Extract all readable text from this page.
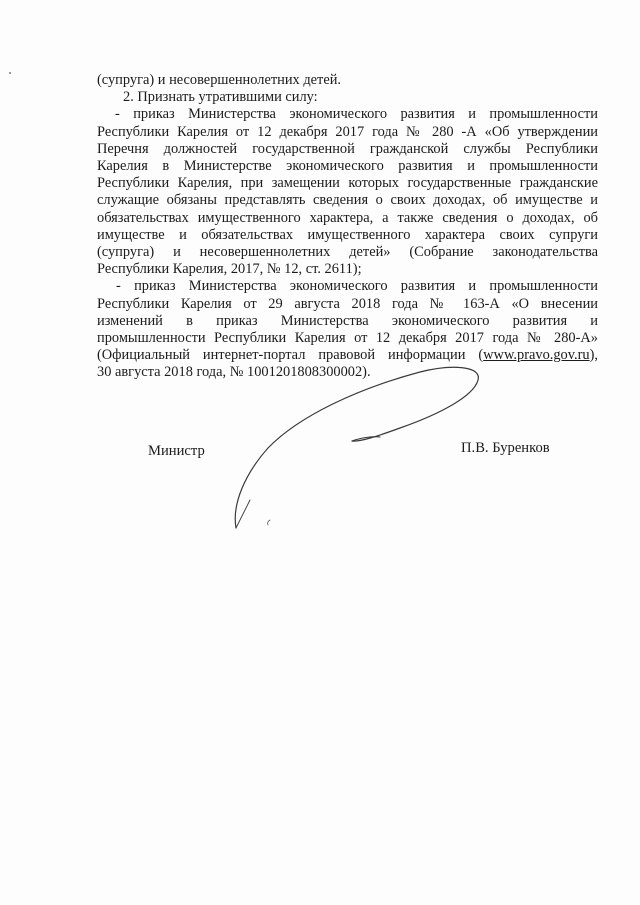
(супруга) и несовершеннолетних детей.
2. Признать утратившими силу:
- приказ Министерства экономического развития и промышленности
Республики Карелия от 12 декабря 2017 года № 280 -А «Об утверждении
Перечня должностей государственной гражданской службы Республики
Карелия в Министерстве экономического развития и промышленности
Республики Карелия, при замещении которых государственные гражданские
служащие обязаны представлять сведения о своих доходах, об имуществе и
обязательствах имущественного характера, а также сведения о доходах, об
имуществе и обязательствах имущественного характера своих супруги
(супруга) и несовершеннолетних детей» (Собрание законодательства
Республики Карелия, 2017, № 12, ст. 2611);
- приказ Министерства экономического развития и промышленности
Республики Карелия от 29 августа 2018 года № 163-А «О внесении
изменений в приказ Министерства экономического развития и
промышленности Республики Карелия от 12 декабря 2017 года № 280-А»
(Официальный интернет-портал правовой информации (www.pravo.gov.ru),
30 августа 2018 года, № 1001201808300002).
Министр	П.В. Буренков
